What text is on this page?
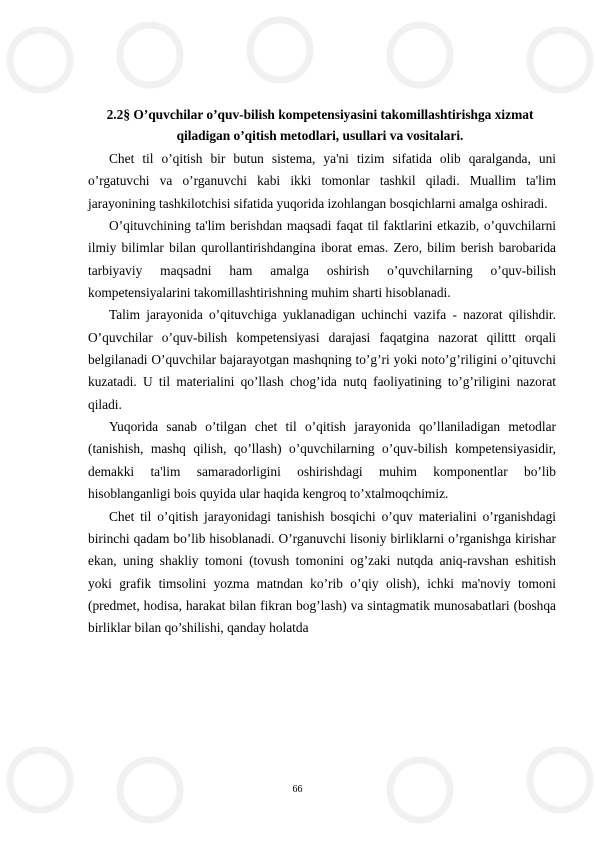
2.2§ O’quvchilar o’quv-bilish kompetensiyasini takomillashtirishga xizmat
qiladigan o’qitish metodlari, usullari va vositalari.

Chet til o’qitish bir butun sistema, ya'ni tizim sifatida olib qaralganda, uni o’rgatuvchi va o’rganuvchi kabi ikki tomonlar tashkil qiladi. Muallim ta'lim jarayonining tashkilotchisi sifatida yuqorida izohlangan bosqichlarni amalga oshiradi.

O’qituvchining ta'lim berishdan maqsadi faqat til faktlarini etkazib, o’quvchilarni ilmiy bilimlar bilan qurollantirishdangina iborat emas. Zero, bilim berish barobarida tarbiyaviy maqsadni ham amalga oshirish o’quvchilarning o’quv-bilish kompetensiyalarini takomillashtirishning muhim sharti hisoblanadi.

Talim jarayonida o’qituvchiga yuklanadigan uchinchi vazifa - nazorat qilishdir. O’quvchilar o’quv-bilish kompetensiyasi darajasi faqatgina nazorat qilittt orqali belgilanadi O’quvchilar bajarayotgan mashqning to’g’ri yoki noto’g’riligini o’qituvchi kuzatadi. U til materialini qo’llash chog’ida nutq faoliyatining to’g’riligini nazorat qiladi.

Yuqorida sanab o’tilgan chet til o’qitish jarayonida qo’llaniladigan metodlar (tanishish, mashq qilish, qo’llash) o’quvchilarning o’quv-bilish kompetensiyasidir, demakki ta'lim samaradorligini oshirishdagi muhim komponentlar bo’lib hisoblanganligi bois quyida ular haqida kengroq to’xtalmoqchimiz.

Chet til o’qitish jarayonidagi tanishish bosqichi o’quv materialini o’rganishdagi birinchi qadam bo’lib hisoblanadi. O’rganuvchi lisoniy birliklarni o’rganishga kirishar ekan, uning shakliy tomoni (tovush tomonini og’zaki nutqda aniq-ravshan eshitish yoki grafik timsolini yozma matndan ko’rib o’qiy olish), ichki ma'noviy tomoni (predmet, hodisa, harakat bilan fikran bog’lash) va sintagmatik munosabatlari (boshqa birliklar bilan qo’shilishi, qanday holatda

66
